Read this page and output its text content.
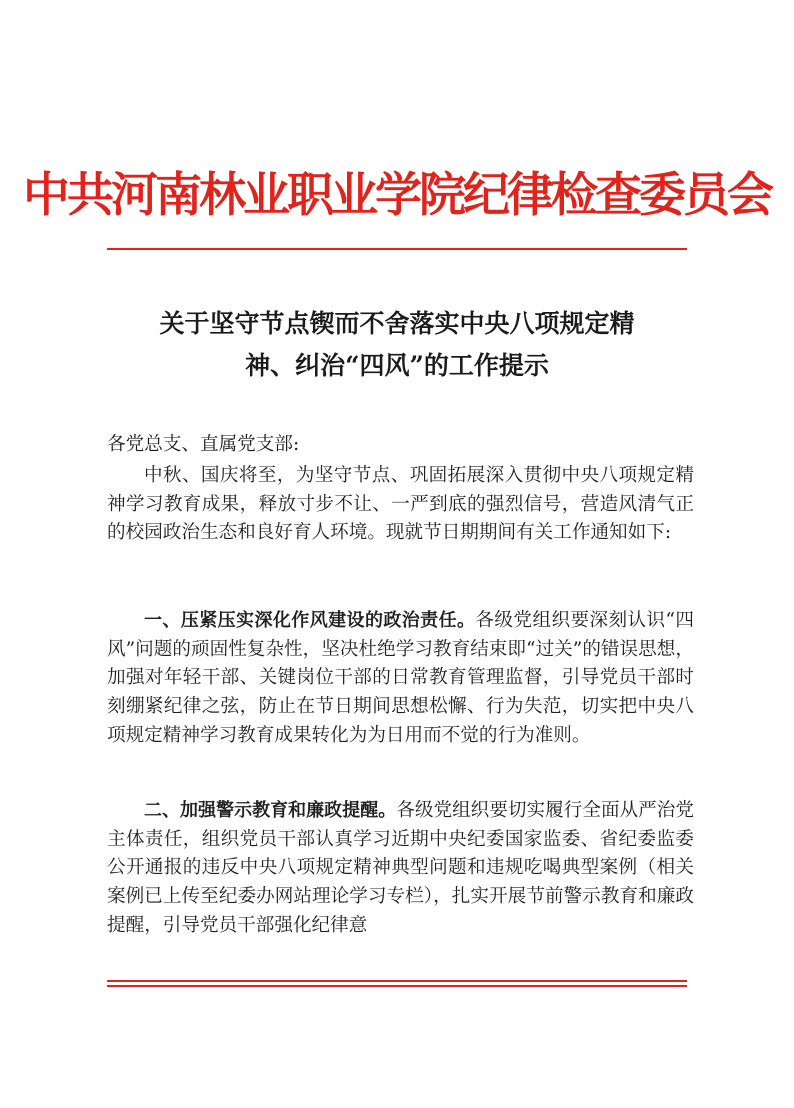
中共河南林业职业学院纪律检查委员会
关于坚守节点锲而不舍落实中央八项规定精
神、纠治“四风”的工作提示
各党总支、直属党支部:
中秋、国庆将至，为坚守节点、巩固拓展深入贯彻中央八项规定精神学习教育成果，释放寸步不让、一严到底的强烈信号，营造风清气正的校园政治生态和良好育人环境。现就节日期期间有关工作通知如下:
一、压紧压实深化作风建设的政治责任。各级党组织要深刻认识“四风”问题的顽固性复杂性，坚决杜绝学习教育结束即“过关”的错误思想，加强对年轻干部、关键岗位干部的日常教育管理监督，引导党员干部时刻绷紧纪律之弦，防止在节日期间思想松懈、行为失范，切实把中央八项规定精神学习教育成果转化为为日用而不觉的行为准则。
二、加强警示教育和廉政提醒。各级党组织要切实履行全面从严治党主体责任，组织党员干部认真学习近期中央纪委国家监委、省纪委监委公开通报的违反中央八项规定精神典型问题和违规吃喝典型案例（相关案例已上传至纪委办网站理论学习专栏），扎实开展节前警示教育和廉政提醒，引导党员干部强化纪律意
